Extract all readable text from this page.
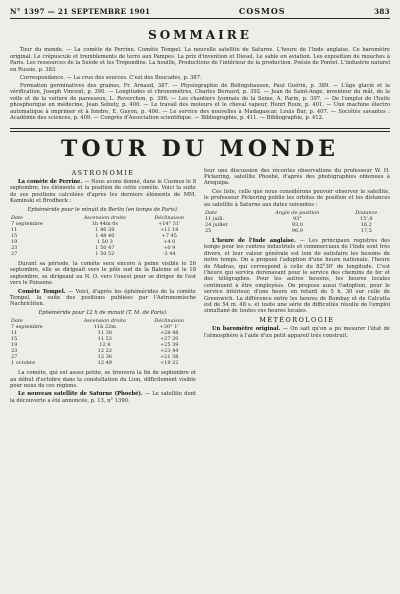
N° 1397 — 21 SEPTEMBRE 1901	COSMOS	383
SOMMAIRE

Tour du monde. — La comète de Perrine. Comète Tempel. La nouvelle satellite de Saturne. L'heure de l'Inde anglaise. Ce baromètre original. Le crépuscule et tremblements de terre aux Pampes. La prix d'invention et Diesel, Le sable en aviation. Les exposition de mouches à Paris. Les ressources de la Suède et les Tropondins. La houille, Productions de l'intérieur de la production. Poésie de Pontet. L'industrie naturel en Russie, p. 383.

Correspondance. — La crue des sources. C'est des Boucades, p. 387.

Formation germinatives des graines, Fr. Arnaud, 387. — Physiographie de Belingshausen, Paul Guérin, p. 389. — L'âge glacié et la vérification, Joseph Vincent, p. 390. — Longitudes et chronomètres, Charles Bernard, p. 392. — Jean de Saint-Ange, inventeur du mât, de la voile et de la voiture de paresseux, L. Reverchon, p. 396. — Les chantiers lyonnais de la Seine, A. Parin, p. 397. — De l'emploi de l'huile phosphorique en médecine, Jean Sebuty, p. 400. — Le travail des moteurs et le cheval vapeur, Henri Roux, p. 401. — Une machine électro automatique à imprimer et à fondre, E. Guyon, p. 406. — Le service des nouvelles à Madagascar, Louis Bar, p. 407. — Sociétés savantes : Académie des sciences, p. 409. — Congrès d'Association scientifique. — Bibliographie, p. 411. — Bibliographie, p. 412.

TOUR DU MONDE
ASTRONOMIE

La comète de Perrine. — Nous avons donné, dans le Cosmos le 8 septembre, les éléments et la position de cette comète. Voici la suite de ses positions calculées d'après les derniers éléments de MM. Kaminski et Brodbeck :

Éphéméride pour le minuit de Berlin (en temps de Paris).
Date	Ascension droite	Déclinaison
7 septembre	1h 44m 0s	+14° 31'
11	1 46 38	+11 18
15	1 48 40	+7 45
19	1 50 3	+4 0
23	1 50 47	+0 9
27	1 50 52	-3 44

Durant sa période, la comète sera encore à peine visible le 26 septembre, elle se dirigeait vers le pôle sud de la Baleine et le 18 septembre, se dirigeant au N. O. vers l'ouest pour se diriger de l'est vers le Poissons.

Comète Tempel. — Voici, d'après les éphémérides de la comète Tempel, la suite des positions publiées par l'Astronomische Nachrichten.

Éphéméride pour 12 h de minuit (T. M. de Paris).
Date	Ascension droite	Déclinaison
7 septembre	11h 22m	+30° 1'
11	11 38	+28 48
15	11 53	+27 20
19	12 8	+25 39
23	12 22	+23 44
27	12 36	+21 38
1 octobre	12 49	+19 22

La comète, qui est assez petite, se trouvera la fin de septembre et au début d'octobre dans la constellation du Lion, difficilement visible pour nous de ces régions.

Le nouveau satellite de Saturne (Phoebé). — Le satellite dont la découverte a été annoncée, p. 13, n° 1390.

teur une discussion des récentes observations du professeur W. H. Pickering, satellite Phoebé, d'après des photographies obtenues à Arequipa.

Ces liste, celle que nous considérons pouvoir observer le satellite, le professeur Pickering publie les orbites de position et les distances au satellite à Saturne aux dates suivantes :

Date	Angle de position	Distance
11 juill.	93°	15',8
24 juillet	93,0	16,2
25	96,9	17,5

L'heure de l'Inde anglaise. — Les principaux registres des temps pour les centres industriels et commerciaux de l'Inde sont très divers, et leur valeur générale est loin de satisfaire les besoins de notre temps. On a proposé l'adoption d'une heure nationale, l'heure de Madras, qui correspond à celle du 82°30' de longitude. C'est l'heure qui servira dorénavant pour le service des chemins de fer et des télégraphes. Pour les autres besoins, les heures locales continuent à être employées. On propose aussi l'adoption, pour le service intérieur, d'une heure en retard de 5 h. 30 sur celle de Greenwich. La différence entre les heures de Bombay et de Calcutta est de 54 m. 48 s. et toute une série de difficultés résulte de l'emploi simultané de toutes ces heures locales.

MÉTÉOROLOGIE

Un baromètre original. — On sait qu'on a pu mesurer l'état de l'atmosphère à l'aide d'un petit appareil très construit.
